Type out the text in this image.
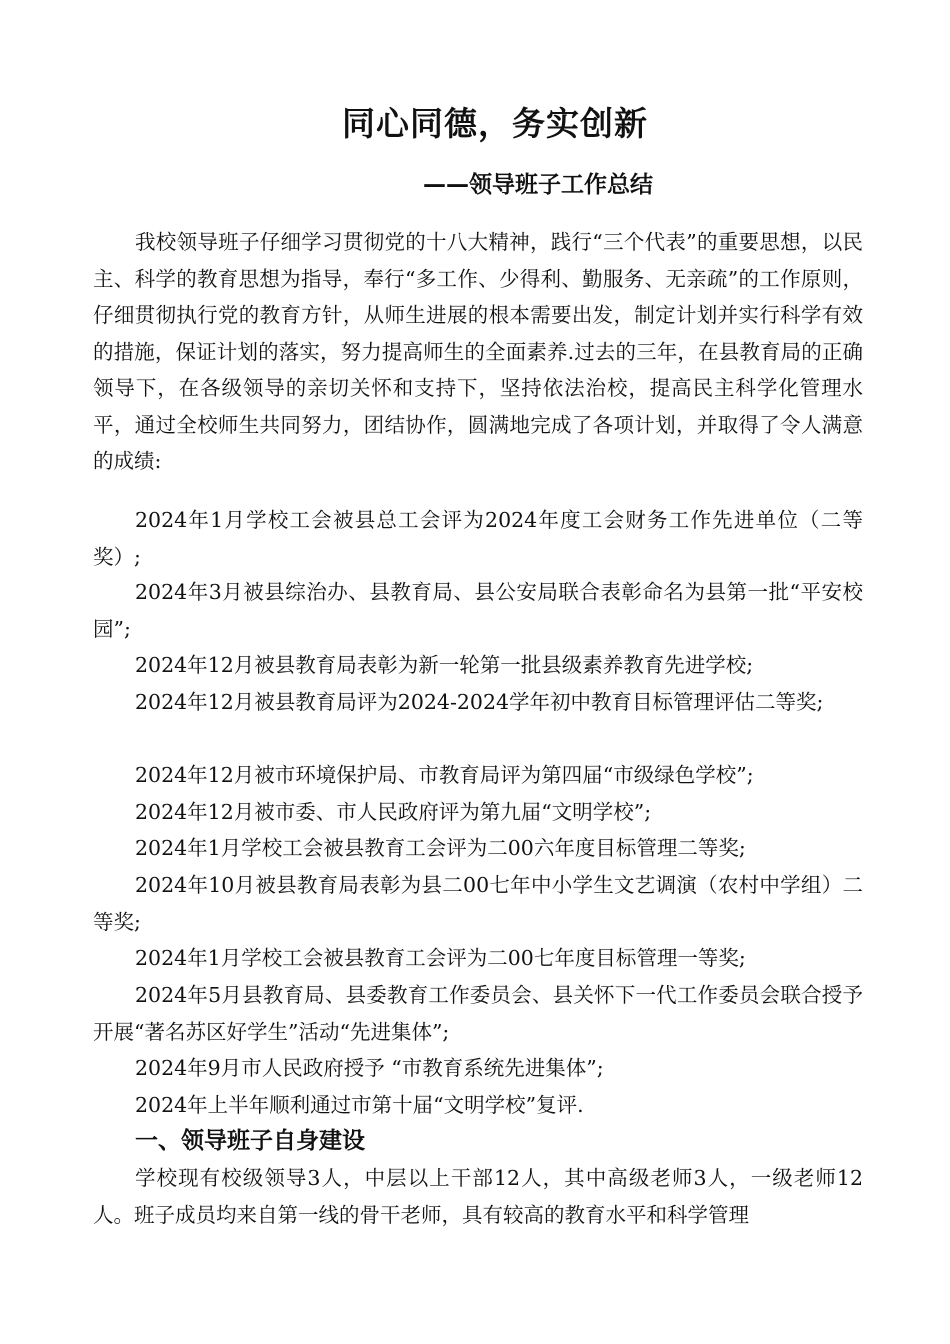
同心同德，务实创新
——领导班子工作总结
我校领导班子仔细学习贯彻党的十八大精神，践行“三个代表”的重要思想，以民主、科学的教育思想为指导，奉行“多工作、少得利、勤服务、无亲疏”的工作原则，仔细贯彻执行党的教育方针，从师生进展的根本需要出发，制定计划并实行科学有效的措施，保证计划的落实，努力提高师生的全面素养.过去的三年，在县教育局的正确领导下，在各级领导的亲切关怀和支持下，坚持依法治校，提高民主科学化管理水平，通过全校师生共同努力，团结协作，圆满地完成了各项计划，并取得了令人满意的成绩:
2024年1月学校工会被县总工会评为2024年度工会财务工作先进单位（二等奖）;
2024年3月被县综治办、县教育局、县公安局联合表彰命名为县第一批“平安校园”;
2024年12月被县教育局表彰为新一轮第一批县级素养教育先进学校;
2024年12月被县教育局评为2024-2024学年初中教育目标管理评估二等奖;
2024年12月被市环境保护局、市教育局评为第四届“市级绿色学校”;
2024年12月被市委、市人民政府评为第九届“文明学校”;
2024年1月学校工会被县教育工会评为二00六年度目标管理二等奖;
2024年10月被县教育局表彰为县二00七年中小学生文艺调演（农村中学组）二等奖;
2024年1月学校工会被县教育工会评为二00七年度目标管理一等奖;
2024年5月县教育局、县委教育工作委员会、县关怀下一代工作委员会联合授予开展“著名苏区好学生”活动“先进集体”;
2024年9月市人民政府授予 “市教育系统先进集体”;
2024年上半年顺利通过市第十届“文明学校”复评.
一、领导班子自身建设
学校现有校级领导3人，中层以上干部12人，其中高级老师3人，一级老师12人。班子成员均来自第一线的骨干老师，具有较高的教育水平和科学管理
